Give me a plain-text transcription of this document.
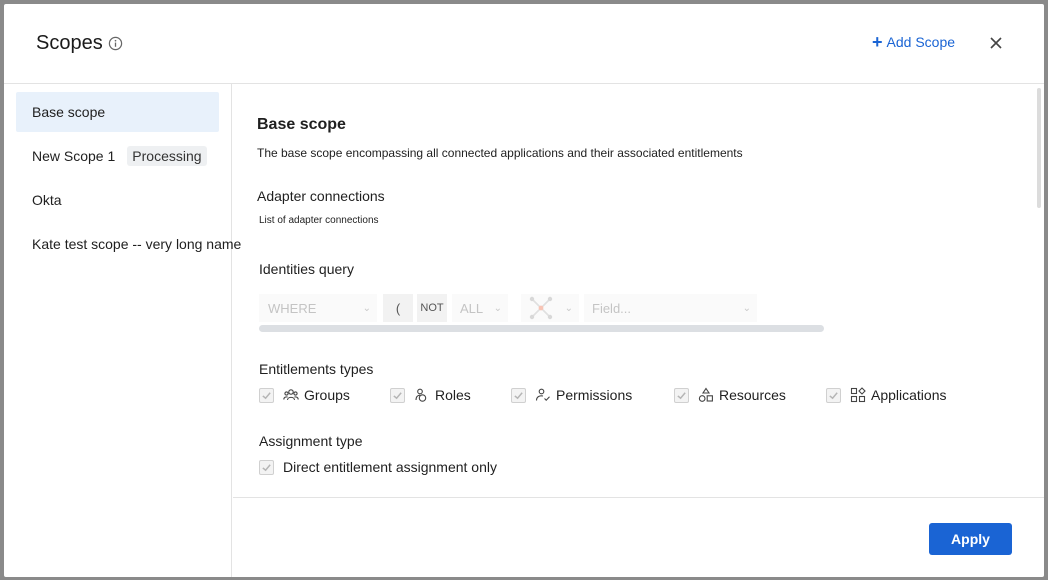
Scopes	+ Add Scope
Base scope
New Scope 1	Processing
Okta
Kate test scope -- very long name
Base scope
The base scope encompassing all connected applications and their associated entitlements
Adapter connections
List of adapter connections
Identities query
WHERE	⌄	( NOT ALL ⌄	⌄	Field...	⌄
Entitlements types
Groups	Roles	Permissions	Resources	Applications
Assignment type
Direct entitlement assignment only
Apply
